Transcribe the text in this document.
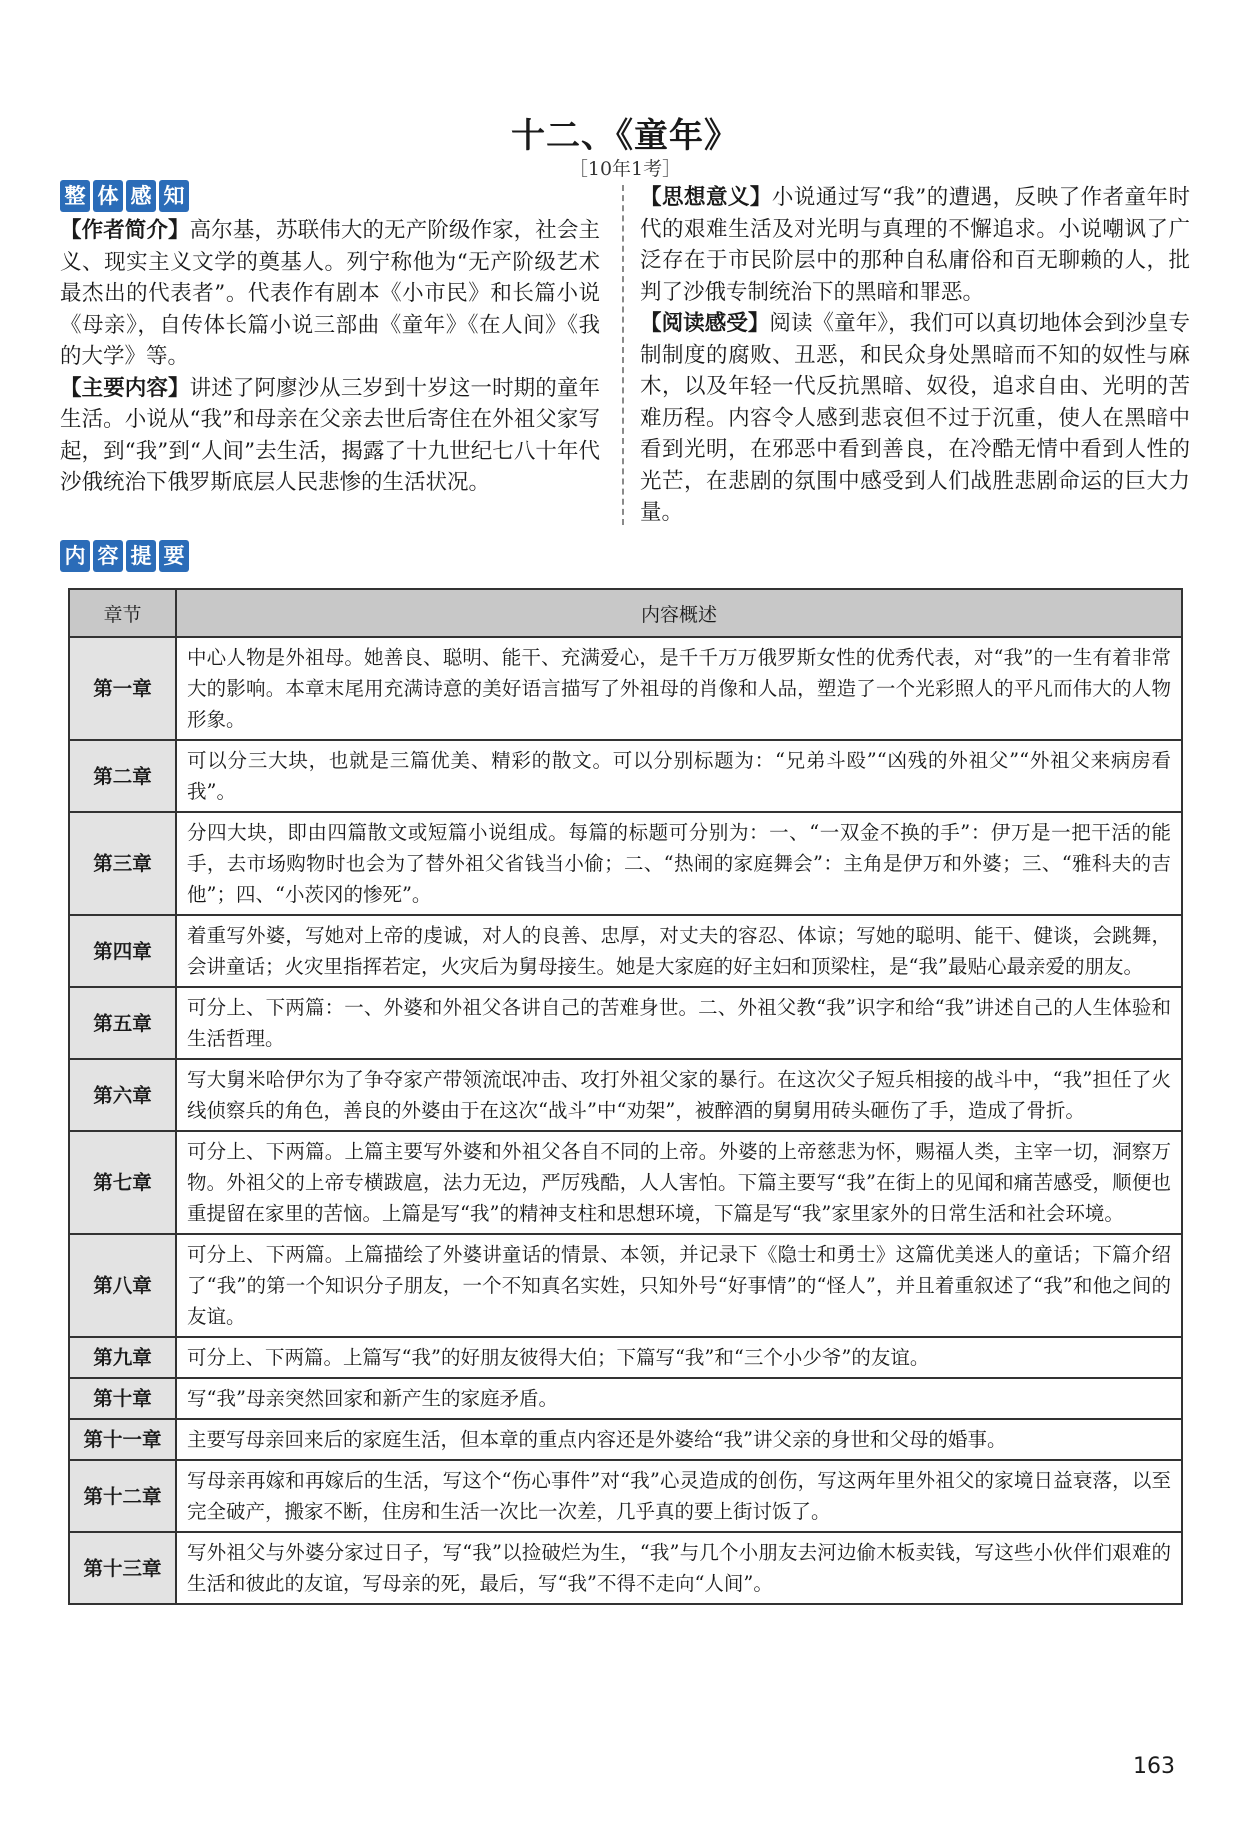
十二、《童年》
［10年1考］
整 体 感 知
【作者简介】高尔基，苏联伟大的无产阶级作家，社会主义、现实主义文学的奠基人。列宁称他为“无产阶级艺术最杰出的代表者”。代表作有剧本《小市民》和长篇小说《母亲》，自传体长篇小说三部曲《童年》《在人间》《我的大学》等。
【主要内容】讲述了阿廖沙从三岁到十岁这一时期的童年生活。小说从“我”和母亲在父亲去世后寄住在外祖父家写起，到“我”到“人间”去生活，揭露了十九世纪七八十年代沙俄统治下俄罗斯底层人民悲惨的生活状况。
【思想意义】小说通过写“我”的遭遇，反映了作者童年时代的艰难生活及对光明与真理的不懈追求。小说嘲讽了广泛存在于市民阶层中的那种自私庸俗和百无聊赖的人，批判了沙俄专制统治下的黑暗和罪恶。
【阅读感受】阅读《童年》，我们可以真切地体会到沙皇专制制度的腐败、丑恶，和民众身处黑暗而不知的奴性与麻木，以及年轻一代反抗黑暗、奴役，追求自由、光明的苦难历程。内容令人感到悲哀但不过于沉重，使人在黑暗中看到光明，在邪恶中看到善良，在冷酷无情中看到人性的光芒，在悲剧的氛围中感受到人们战胜悲剧命运的巨大力量。
内 容 提 要
章节	内容概述
第一章	中心人物是外祖母。她善良、聪明、能干、充满爱心，是千千万万俄罗斯女性的优秀代表，对“我”的一生有着非常大的影响。本章末尾用充满诗意的美好语言描写了外祖母的肖像和人品，塑造了一个光彩照人的平凡而伟大的人物形象。
第二章	可以分三大块，也就是三篇优美、精彩的散文。可以分别标题为：“兄弟斗殴”“凶残的外祖父”“外祖父来病房看我”。
第三章	分四大块，即由四篇散文或短篇小说组成。每篇的标题可分别为：一、“一双金不换的手”：伊万是一把干活的能手，去市场购物时也会为了替外祖父省钱当小偷；二、“热闹的家庭舞会”：主角是伊万和外婆；三、“雅科夫的吉他”；四、“小茨冈的惨死”。
第四章	着重写外婆，写她对上帝的虔诚，对人的良善、忠厚，对丈夫的容忍、体谅；写她的聪明、能干、健谈，会跳舞，会讲童话；火灾里指挥若定，火灾后为舅母接生。她是大家庭的好主妇和顶梁柱，是“我”最贴心最亲爱的朋友。
第五章	可分上、下两篇：一、外婆和外祖父各讲自己的苦难身世。二、外祖父教“我”识字和给“我”讲述自己的人生体验和生活哲理。
第六章	写大舅米哈伊尔为了争夺家产带领流氓冲击、攻打外祖父家的暴行。在这次父子短兵相接的战斗中，“我”担任了火线侦察兵的角色，善良的外婆由于在这次“战斗”中“劝架”，被醉酒的舅舅用砖头砸伤了手，造成了骨折。
第七章	可分上、下两篇。上篇主要写外婆和外祖父各自不同的上帝。外婆的上帝慈悲为怀，赐福人类，主宰一切，洞察万物。外祖父的上帝专横跋扈，法力无边，严厉残酷，人人害怕。下篇主要写“我”在街上的见闻和痛苦感受，顺便也重提留在家里的苦恼。上篇是写“我”的精神支柱和思想环境，下篇是写“我”家里家外的日常生活和社会环境。
第八章	可分上、下两篇。上篇描绘了外婆讲童话的情景、本领，并记录下《隐士和勇士》这篇优美迷人的童话；下篇介绍了“我”的第一个知识分子朋友，一个不知真名实姓，只知外号“好事情”的“怪人”，并且着重叙述了“我”和他之间的友谊。
第九章	可分上、下两篇。上篇写“我”的好朋友彼得大伯；下篇写“我”和“三个小少爷”的友谊。
第十章	写“我”母亲突然回家和新产生的家庭矛盾。
第十一章	主要写母亲回来后的家庭生活，但本章的重点内容还是外婆给“我”讲父亲的身世和父母的婚事。
第十二章	写母亲再嫁和再嫁后的生活，写这个“伤心事件”对“我”心灵造成的创伤，写这两年里外祖父的家境日益衰落，以至完全破产，搬家不断，住房和生活一次比一次差，几乎真的要上街讨饭了。
第十三章	写外祖父与外婆分家过日子，写“我”以捡破烂为生，“我”与几个小朋友去河边偷木板卖钱，写这些小伙伴们艰难的生活和彼此的友谊，写母亲的死，最后，写“我”不得不走向“人间”。
163
